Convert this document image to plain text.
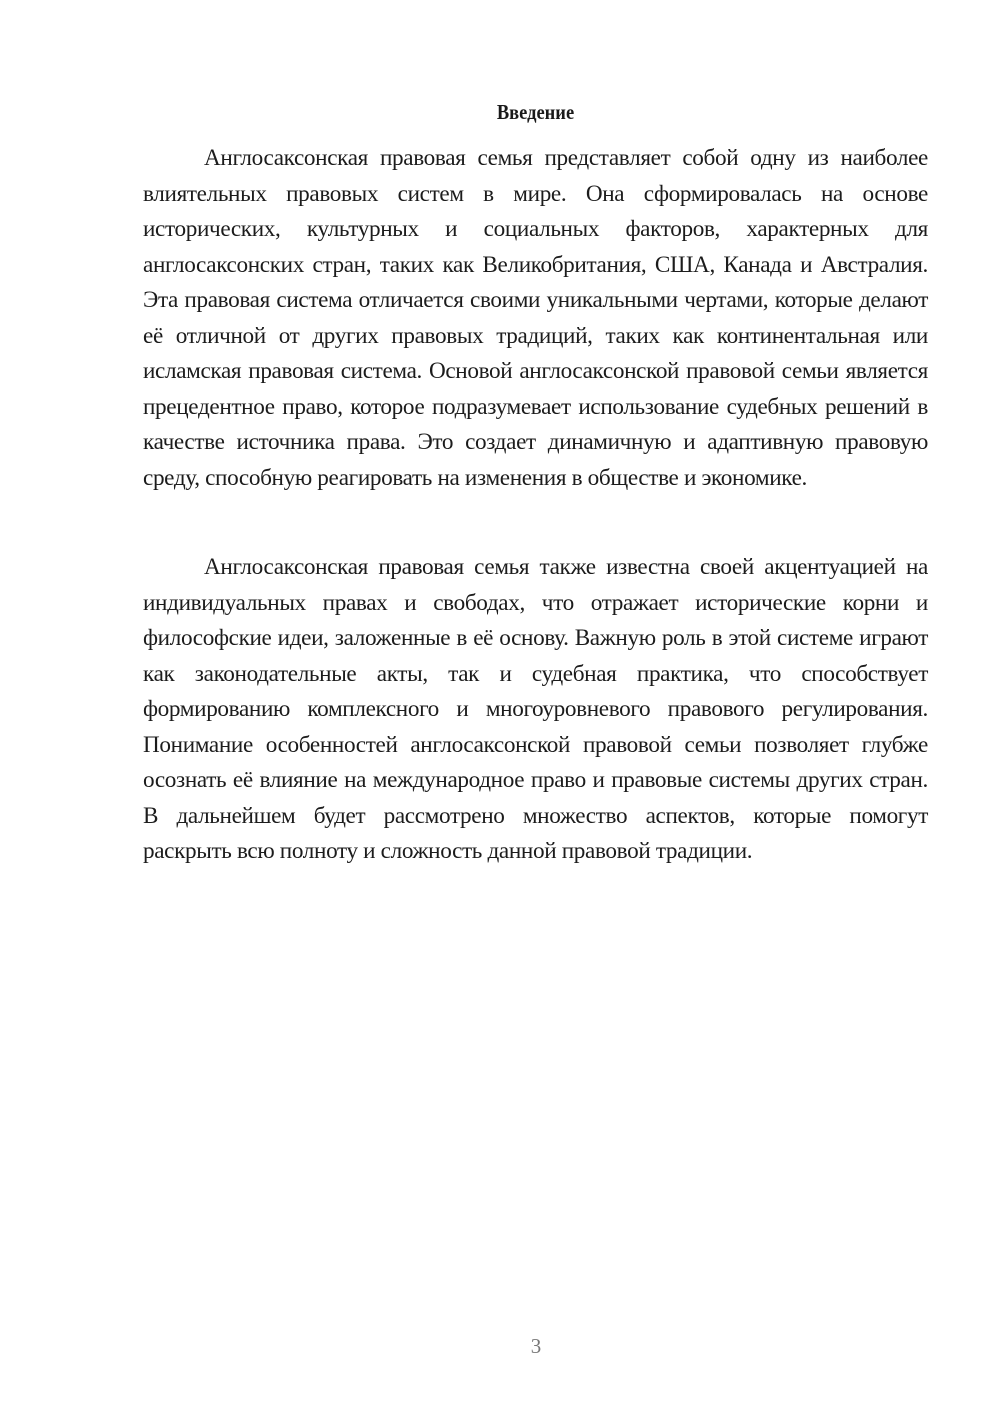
Введение

Англосаксонская правовая семья представляет собой одну из наиболее влиятельных правовых систем в мире. Она сформировалась на основе исторических, культурных и социальных факторов, характерных для англосаксонских стран, таких как Великобритания, США, Канада и Австралия. Эта правовая система отличается своими уникальными чертами, которые делают её отличной от других правовых традиций, таких как континентальная или исламская правовая система. Основой англосаксонской правовой семьи является прецедентное право, которое подразумевает использование судебных решений в качестве источника права. Это создает динамичную и адаптивную правовую среду, способную реагировать на изменения в обществе и экономике.

Англосаксонская правовая семья также известна своей акцентуацией на индивидуальных правах и свободах, что отражает исторические корни и философские идеи, заложенные в её основу. Важную роль в этой системе играют как законодательные акты, так и судебная практика, что способствует формированию комплексного и многоуровневого правового регулирования. Понимание особенностей англосаксонской правовой семьи позволяет глубже осознать её влияние на международное право и правовые системы других стран. В дальнейшем будет рассмотрено множество аспектов, которые помогут раскрыть всю полноту и сложность данной правовой традиции.

3
